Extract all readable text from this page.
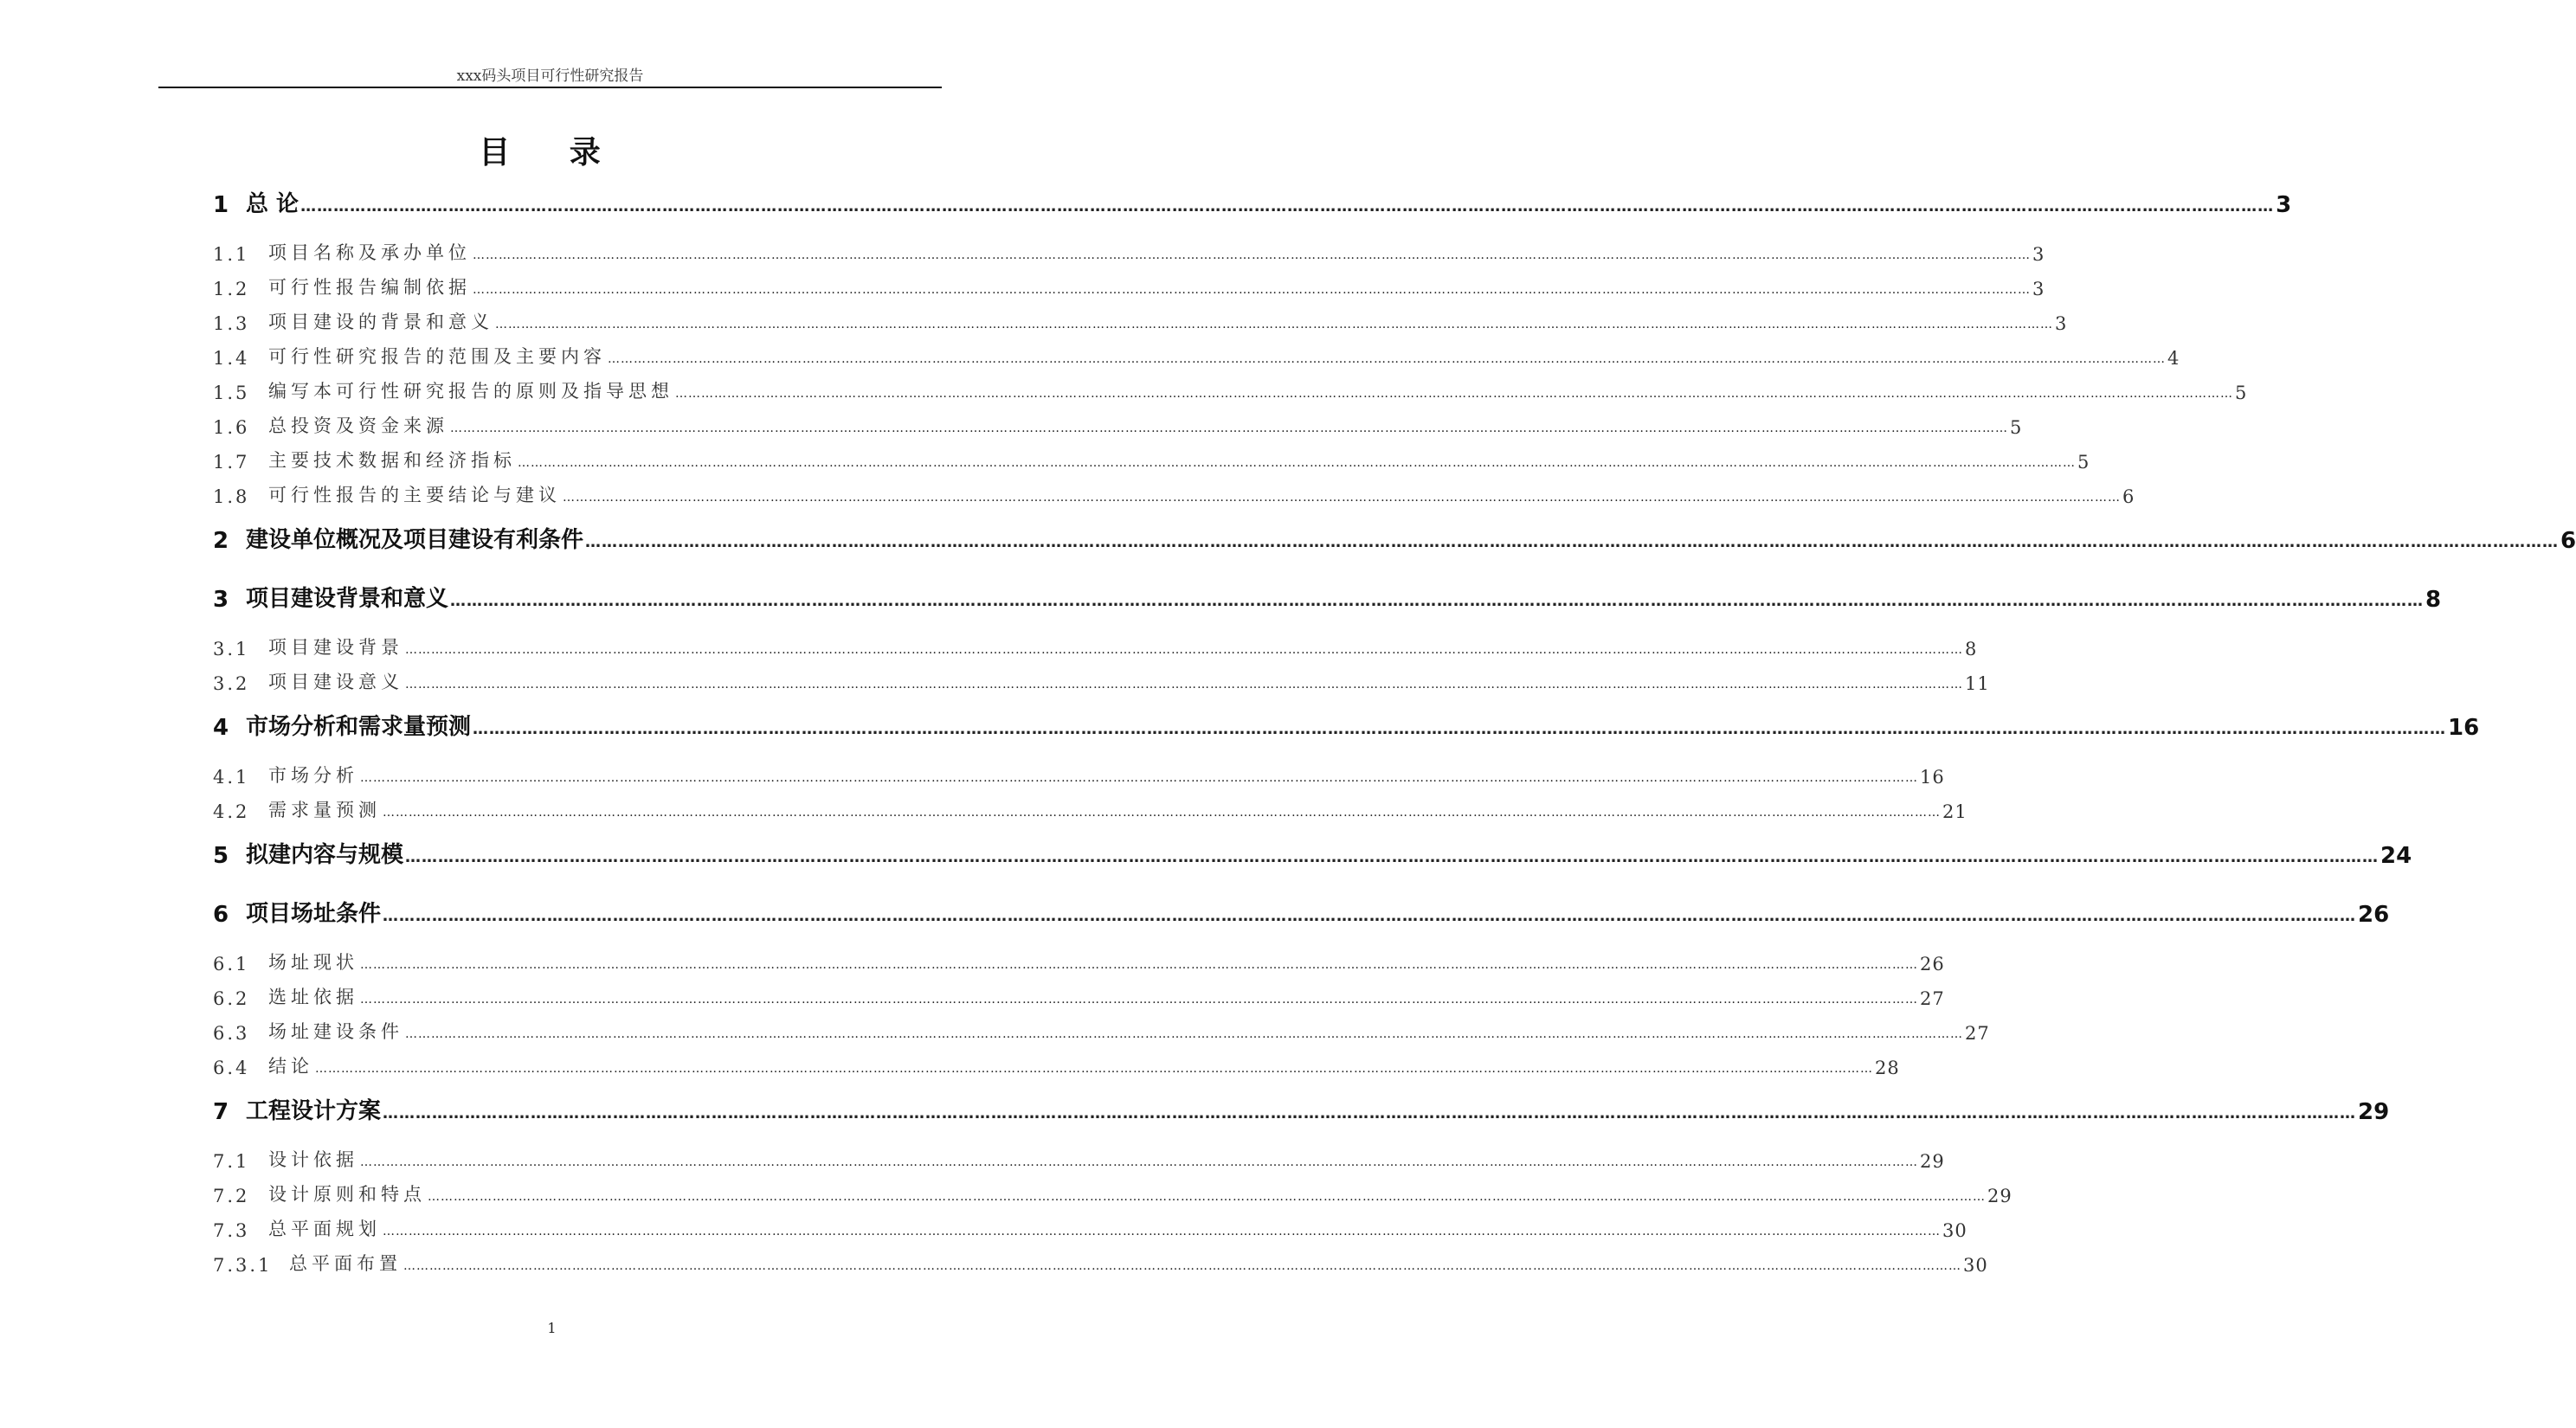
xxx码头项目可行性研究报告
目 录
1 总 论 ……………………………………………………………………………………………………………………………………………………………………………………………………………………………………………………………………………………………………………………………… 3
1.1	项目名称及承办单位 ……………………………………………………………………………………………………………………………………………………………………………………………………………………………………………………………………………………………………………………………… 3
1.2	可行性报告编制依据 ……………………………………………………………………………………………………………………………………………………………………………………………………………………………………………………………………………………………………………………………… 3
1.3	项目建设的背景和意义 ……………………………………………………………………………………………………………………………………………………………………………………………………………………………………………………………………………………………………………………………… 3
1.4	可行性研究报告的范围及主要内容 ……………………………………………………………………………………………………………………………………………………………………………………………………………………………………………………………………………………………………………………………… 4
1.5	编写本可行性研究报告的原则及指导思想 ……………………………………………………………………………………………………………………………………………………………………………………………………………………………………………………………………………………………………………………………… 5
1.6	总投资及资金来源 ……………………………………………………………………………………………………………………………………………………………………………………………………………………………………………………………………………………………………………………………… 5
1.7	主要技术数据和经济指标 ……………………………………………………………………………………………………………………………………………………………………………………………………………………………………………………………………………………………………………………………… 5
1.8	可行性报告的主要结论与建议 ……………………………………………………………………………………………………………………………………………………………………………………………………………………………………………………………………………………………………………………………… 6
2 建设单位概况及项目建设有利条件 ……………………………………………………………………………………………………………………………………………………………………………………………………………………………………………………………………………………………………………………………… 6
3 项目建设背景和意义 ……………………………………………………………………………………………………………………………………………………………………………………………………………………………………………………………………………………………………………………………… 8
3.1	项目建设背景 ……………………………………………………………………………………………………………………………………………………………………………………………………………………………………………………………………………………………………………………………… 8
3.2	项目建设意义 ……………………………………………………………………………………………………………………………………………………………………………………………………………………………………………………………………………………………………………………………… 11
4 市场分析和需求量预测 ……………………………………………………………………………………………………………………………………………………………………………………………………………………………………………………………………………………………………………………………… 16
4.1	市场分析 ……………………………………………………………………………………………………………………………………………………………………………………………………………………………………………………………………………………………………………………………… 16
4.2	需求量预测 ……………………………………………………………………………………………………………………………………………………………………………………………………………………………………………………………………………………………………………………………… 21
5 拟建内容与规模 ……………………………………………………………………………………………………………………………………………………………………………………………………………………………………………………………………………………………………………………………… 24
6 项目场址条件 ……………………………………………………………………………………………………………………………………………………………………………………………………………………………………………………………………………………………………………………………… 26
6.1	场址现状 ……………………………………………………………………………………………………………………………………………………………………………………………………………………………………………………………………………………………………………………………… 26
6.2	选址依据 ……………………………………………………………………………………………………………………………………………………………………………………………………………………………………………………………………………………………………………………………… 27
6.3	场址建设条件 ……………………………………………………………………………………………………………………………………………………………………………………………………………………………………………………………………………………………………………………………… 27
6.4	结论 ……………………………………………………………………………………………………………………………………………………………………………………………………………………………………………………………………………………………………………………………… 28
7 工程设计方案 ……………………………………………………………………………………………………………………………………………………………………………………………………………………………………………………………………………………………………………………………… 29
7.1	设计依据 ……………………………………………………………………………………………………………………………………………………………………………………………………………………………………………………………………………………………………………………………… 29
7.2	设计原则和特点 ……………………………………………………………………………………………………………………………………………………………………………………………………………………………………………………………………………………………………………………………… 29
7.3	总平面规划 ……………………………………………………………………………………………………………………………………………………………………………………………………………………………………………………………………………………………………………………………… 30
7.3.1 总平面布置 ……………………………………………………………………………………………………………………………………………………………………………………………………………………………………………………………………………………………………………………………… 30
1
